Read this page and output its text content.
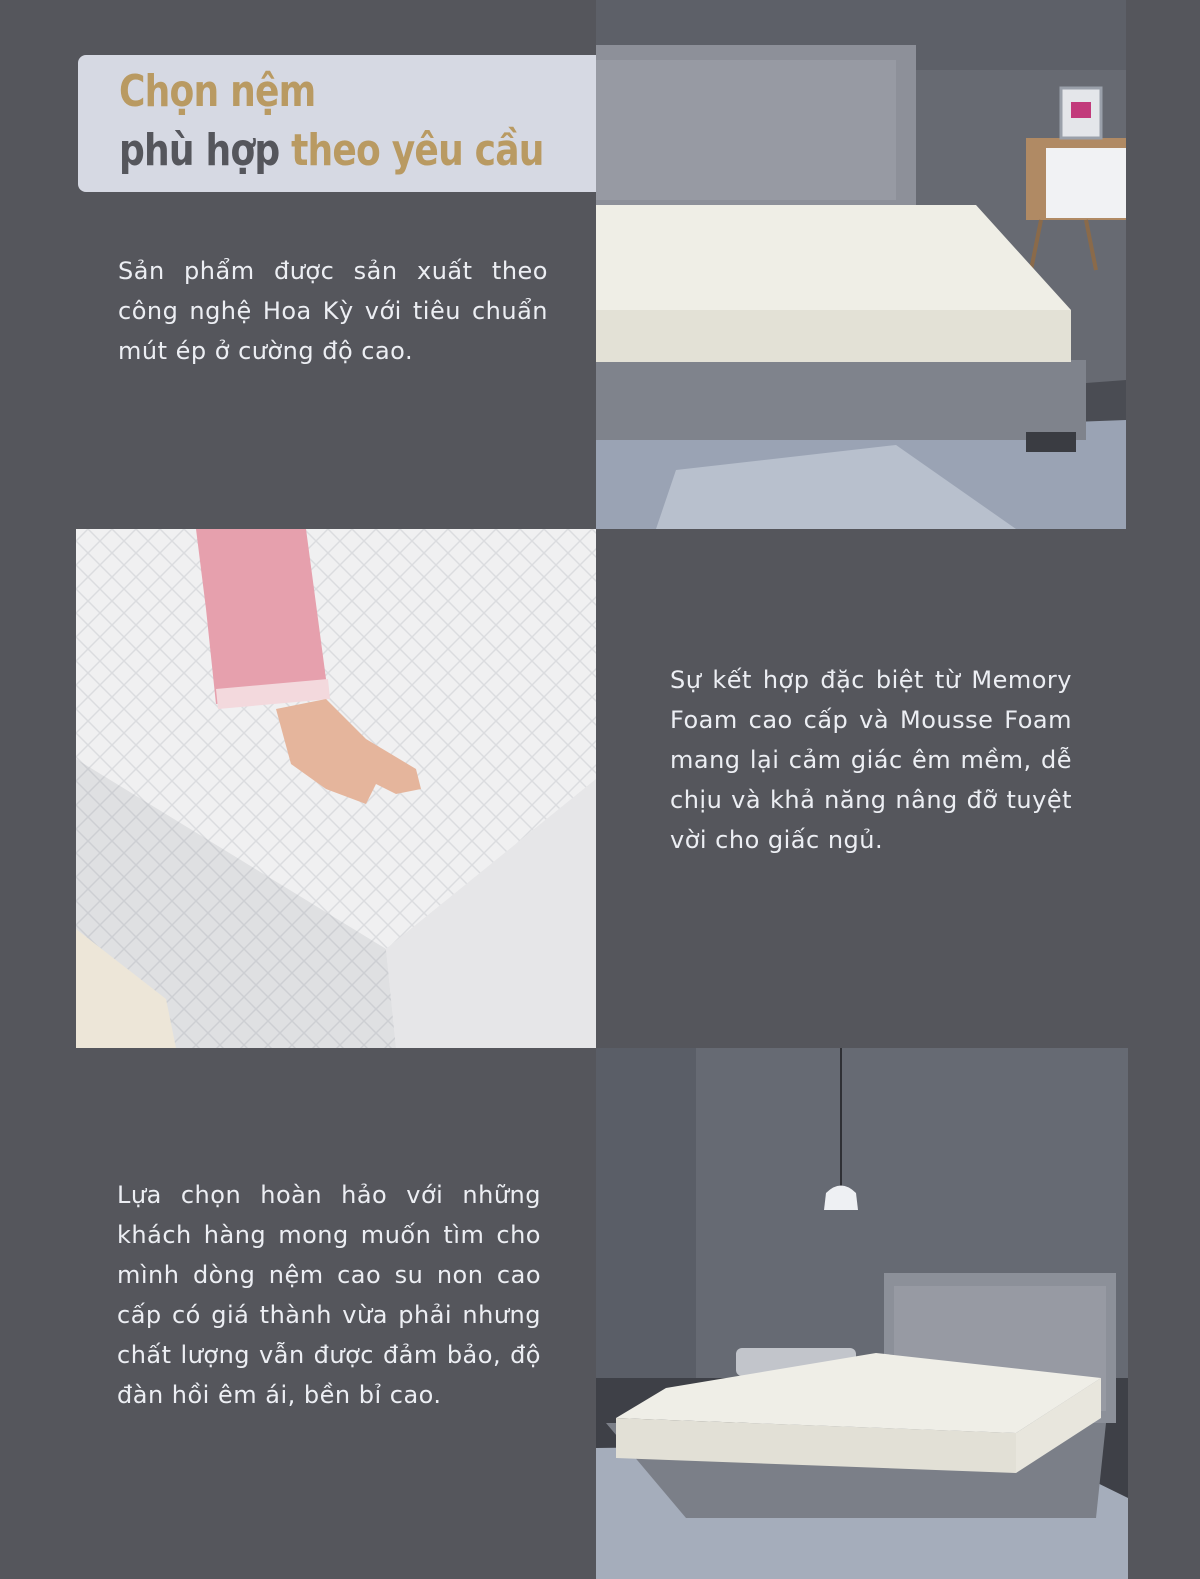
Chọn nệm
phù hợp theo yêu cầu

Sản phẩm được sản xuất theo công nghệ Hoa Kỳ với tiêu chuẩn mút ép ở cường độ cao.

Sự kết hợp đặc biệt từ Memory Foam cao cấp và Mousse Foam mang lại cảm giác êm mềm, dễ chịu và khả năng nâng đỡ tuyệt vời cho giấc ngủ.

Lựa chọn hoàn hảo với những khách hàng mong muốn tìm cho mình dòng nệm cao su non cao cấp có giá thành vừa phải nhưng chất lượng vẫn được đảm bảo, độ đàn hồi êm ái, bền bỉ cao.
